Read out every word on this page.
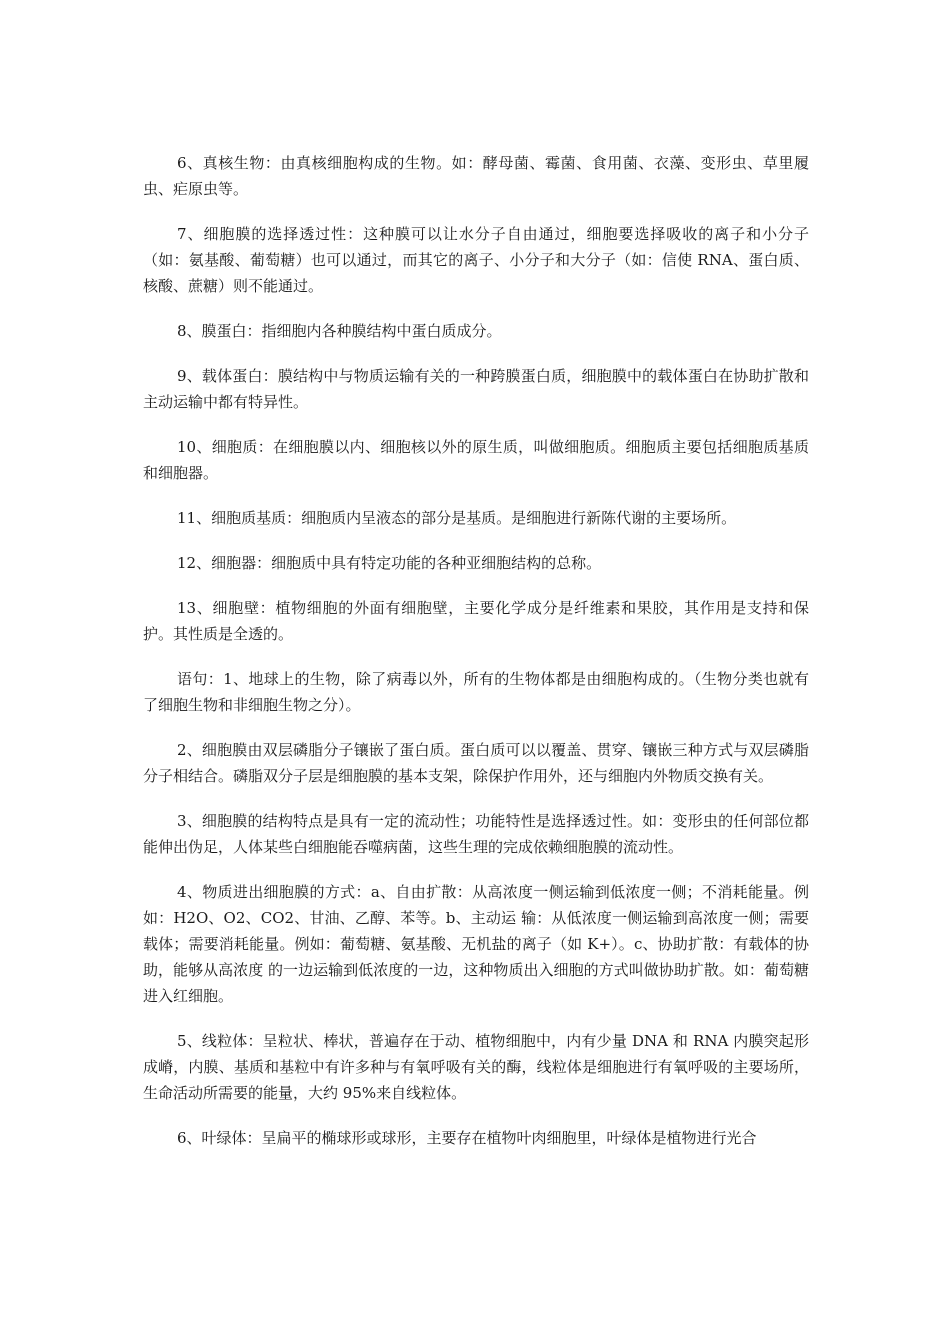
6、真核生物：由真核细胞构成的生物。如：酵母菌、霉菌、食用菌、衣藻、变形虫、草里履虫、疟原虫等。

7、细胞膜的选择透过性：这种膜可以让水分子自由通过，细胞要选择吸收的离子和小分子（如：氨基酸、葡萄糖）也可以通过，而其它的离子、小分子和大分子（如：信使 RNA、蛋白质、核酸、蔗糖）则不能通过。

8、膜蛋白：指细胞内各种膜结构中蛋白质成分。

9、载体蛋白：膜结构中与物质运输有关的一种跨膜蛋白质，细胞膜中的载体蛋白在协助扩散和主动运输中都有特异性。

10、细胞质：在细胞膜以内、细胞核以外的原生质，叫做细胞质。细胞质主要包括细胞质基质和细胞器。

11、细胞质基质：细胞质内呈液态的部分是基质。是细胞进行新陈代谢的主要场所。

12、细胞器：细胞质中具有特定功能的各种亚细胞结构的总称。

13、细胞壁：植物细胞的外面有细胞壁，主要化学成分是纤维素和果胶，其作用是支持和保护。其性质是全透的。

语句：1、地球上的生物，除了病毒以外，所有的生物体都是由细胞构成的。（生物分类也就有了细胞生物和非细胞生物之分）。

2、细胞膜由双层磷脂分子镶嵌了蛋白质。蛋白质可以以覆盖、贯穿、镶嵌三种方式与双层磷脂分子相结合。磷脂双分子层是细胞膜的基本支架，除保护作用外，还与细胞内外物质交换有关。

3、细胞膜的结构特点是具有一定的流动性；功能特性是选择透过性。如：变形虫的任何部位都能伸出伪足，人体某些白细胞能吞噬病菌，这些生理的完成依赖细胞膜的流动性。

4、物质进出细胞膜的方式：a、自由扩散：从高浓度一侧运输到低浓度一侧；不消耗能量。例如：H2O、O2、CO2、甘油、乙醇、苯等。b、主动运 输：从低浓度一侧运输到高浓度一侧；需要载体；需要消耗能量。例如：葡萄糖、氨基酸、无机盐的离子（如 K+）。c、协助扩散：有载体的协助，能够从高浓度 的一边运输到低浓度的一边，这种物质出入细胞的方式叫做协助扩散。如：葡萄糖进入红细胞。

5、线粒体：呈粒状、棒状，普遍存在于动、植物细胞中，内有少量 DNA 和 RNA 内膜突起形成嵴，内膜、基质和基粒中有许多种与有氧呼吸有关的酶，线粒体是细胞进行有氧呼吸的主要场所，生命活动所需要的能量，大约 95%来自线粒体。

6、叶绿体：呈扁平的椭球形或球形，主要存在植物叶肉细胞里，叶绿体是植物进行光合
